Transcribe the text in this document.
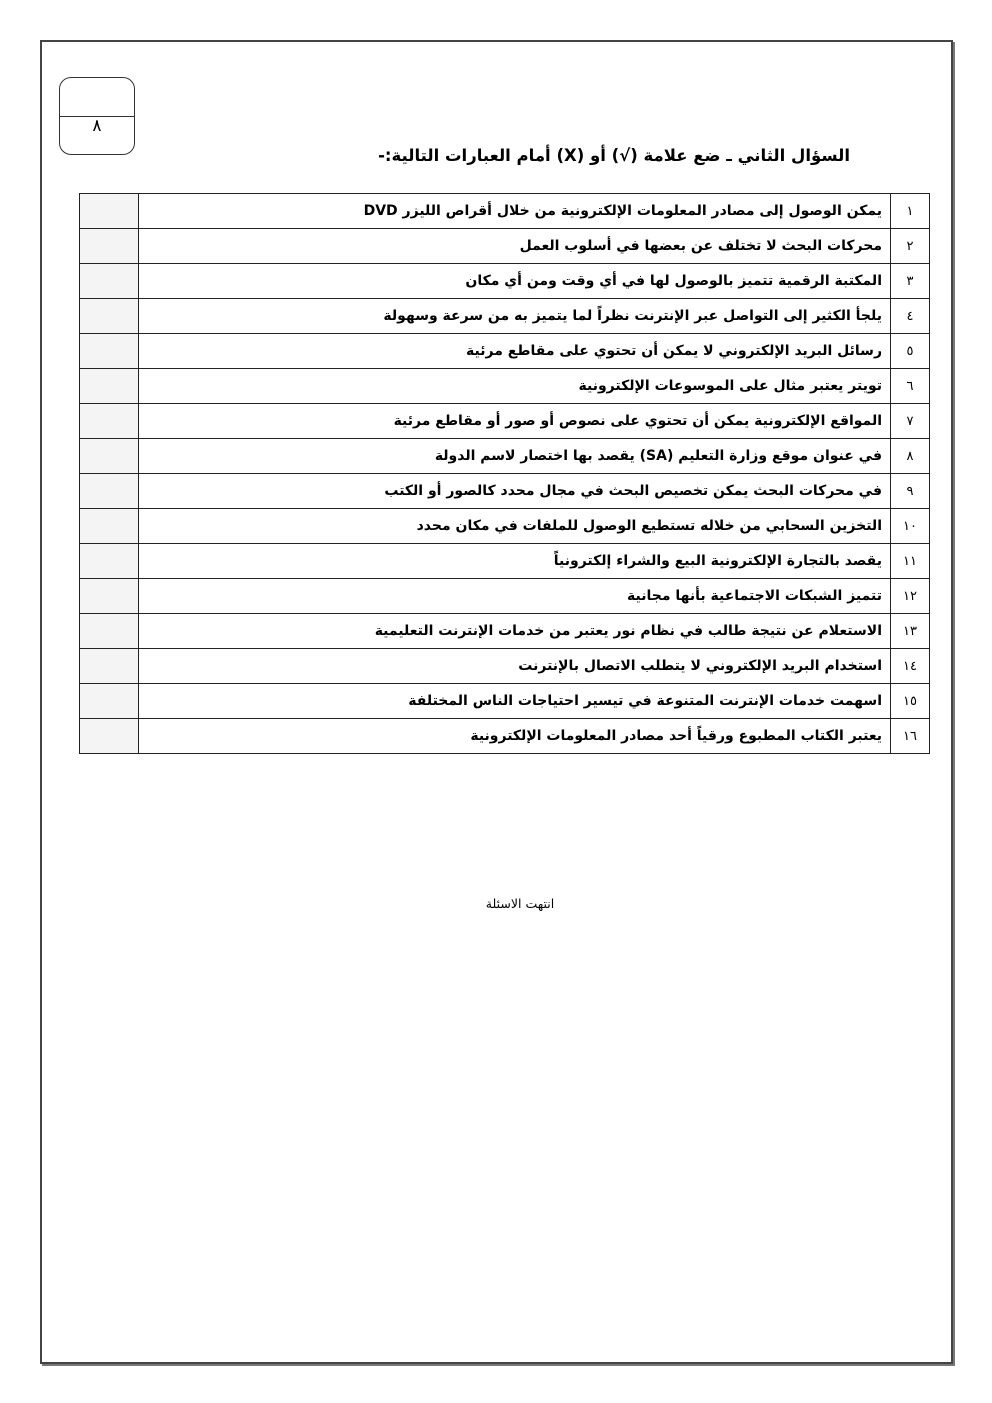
٨
السؤال الثاني ـ ضع علامة (√) أو (X) أمام العبارات التالية:-
١	يمكن الوصول إلى مصادر المعلومات الإلكترونية من خلال أقراص الليزر DVD	
٢	محركات البحث لا تختلف عن بعضها في أسلوب العمل	
٣	المكتبة الرقمية تتميز بالوصول لها في أي وقت ومن أي مكان	
٤	يلجأ الكثير إلى التواصل عبر الإنترنت نظراً لما يتميز به من سرعة وسهولة	
٥	رسائل البريد الإلكتروني لا يمكن أن تحتوي على مقاطع مرئية	
٦	تويتر يعتبر مثال على الموسوعات الإلكترونية	
٧	المواقع الإلكترونية يمكن أن تحتوي على نصوص أو صور أو مقاطع مرئية	
٨	في عنوان موقع وزارة التعليم (SA) يقصد بها اختصار لاسم الدولة	
٩	في محركات البحث يمكن تخصيص البحث في مجال محدد كالصور أو الكتب	
١٠	التخزين السحابي من خلاله تستطيع الوصول للملفات في مكان محدد	
١١	يقصد بالتجارة الإلكترونية البيع والشراء إلكترونياً	
١٢	تتميز الشبكات الاجتماعية بأنها مجانية	
١٣	الاستعلام عن نتيجة طالب في نظام نور يعتبر من خدمات الإنترنت التعليمية	
١٤	استخدام البريد الإلكتروني لا يتطلب الاتصال بالإنترنت	
١٥	اسهمت خدمات الإنترنت المتنوعة في تيسير احتياجات الناس المختلفة	
١٦	يعتبر الكتاب المطبوع ورقياً أحد مصادر المعلومات الإلكترونية	
انتهت الاسئلة
